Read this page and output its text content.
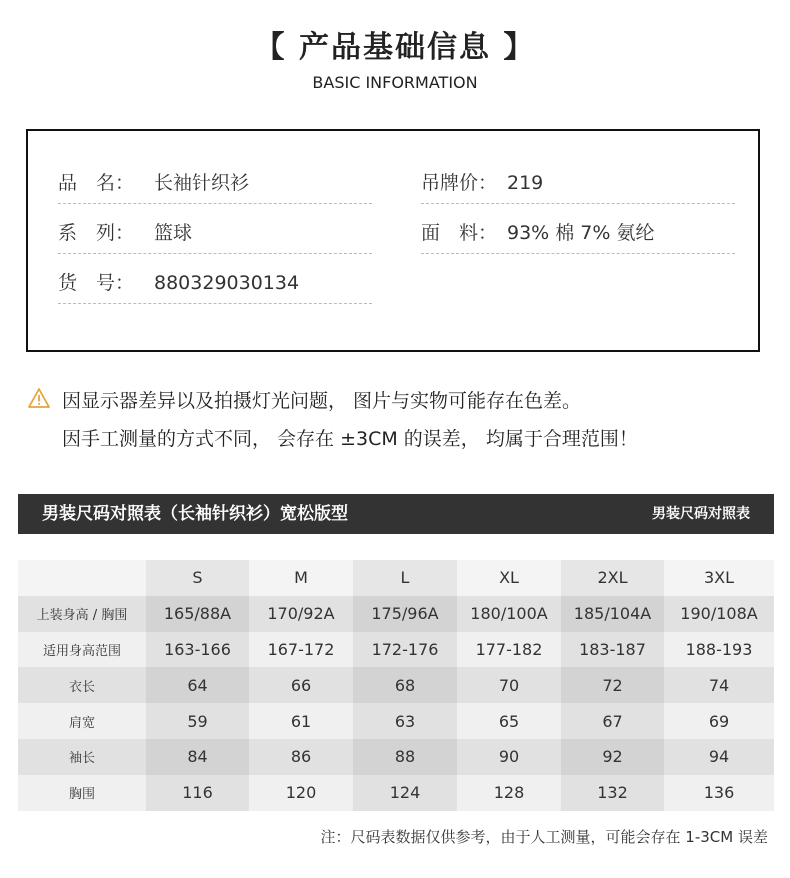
【 产品基础信息 】
BASIC INFORMATION
品　名： 长袖针织衫
系　列： 篮球
货　号： 880329030134
吊牌价： 219
面　料： 93% 棉 7% 氨纶
因显示器差异以及拍摄灯光问题， 图片与实物可能存在色差。
因手工测量的方式不同， 会存在 ±3CM 的误差， 均属于合理范围！
男装尺码对照表（长袖针织衫）宽松版型	男装尺码对照表
	S	M	L	XL	2XL	3XL
上装身高 / 胸围	165/88A	170/92A	175/96A	180/100A	185/104A	190/108A
适用身高范围	163-166	167-172	172-176	177-182	183-187	188-193
衣长	64	66	68	70	72	74
肩宽	59	61	63	65	67	69
袖长	84	86	88	90	92	94
胸围	116	120	124	128	132	136
注：尺码表数据仅供参考，由于人工测量，可能会存在 1-3CM 误差
